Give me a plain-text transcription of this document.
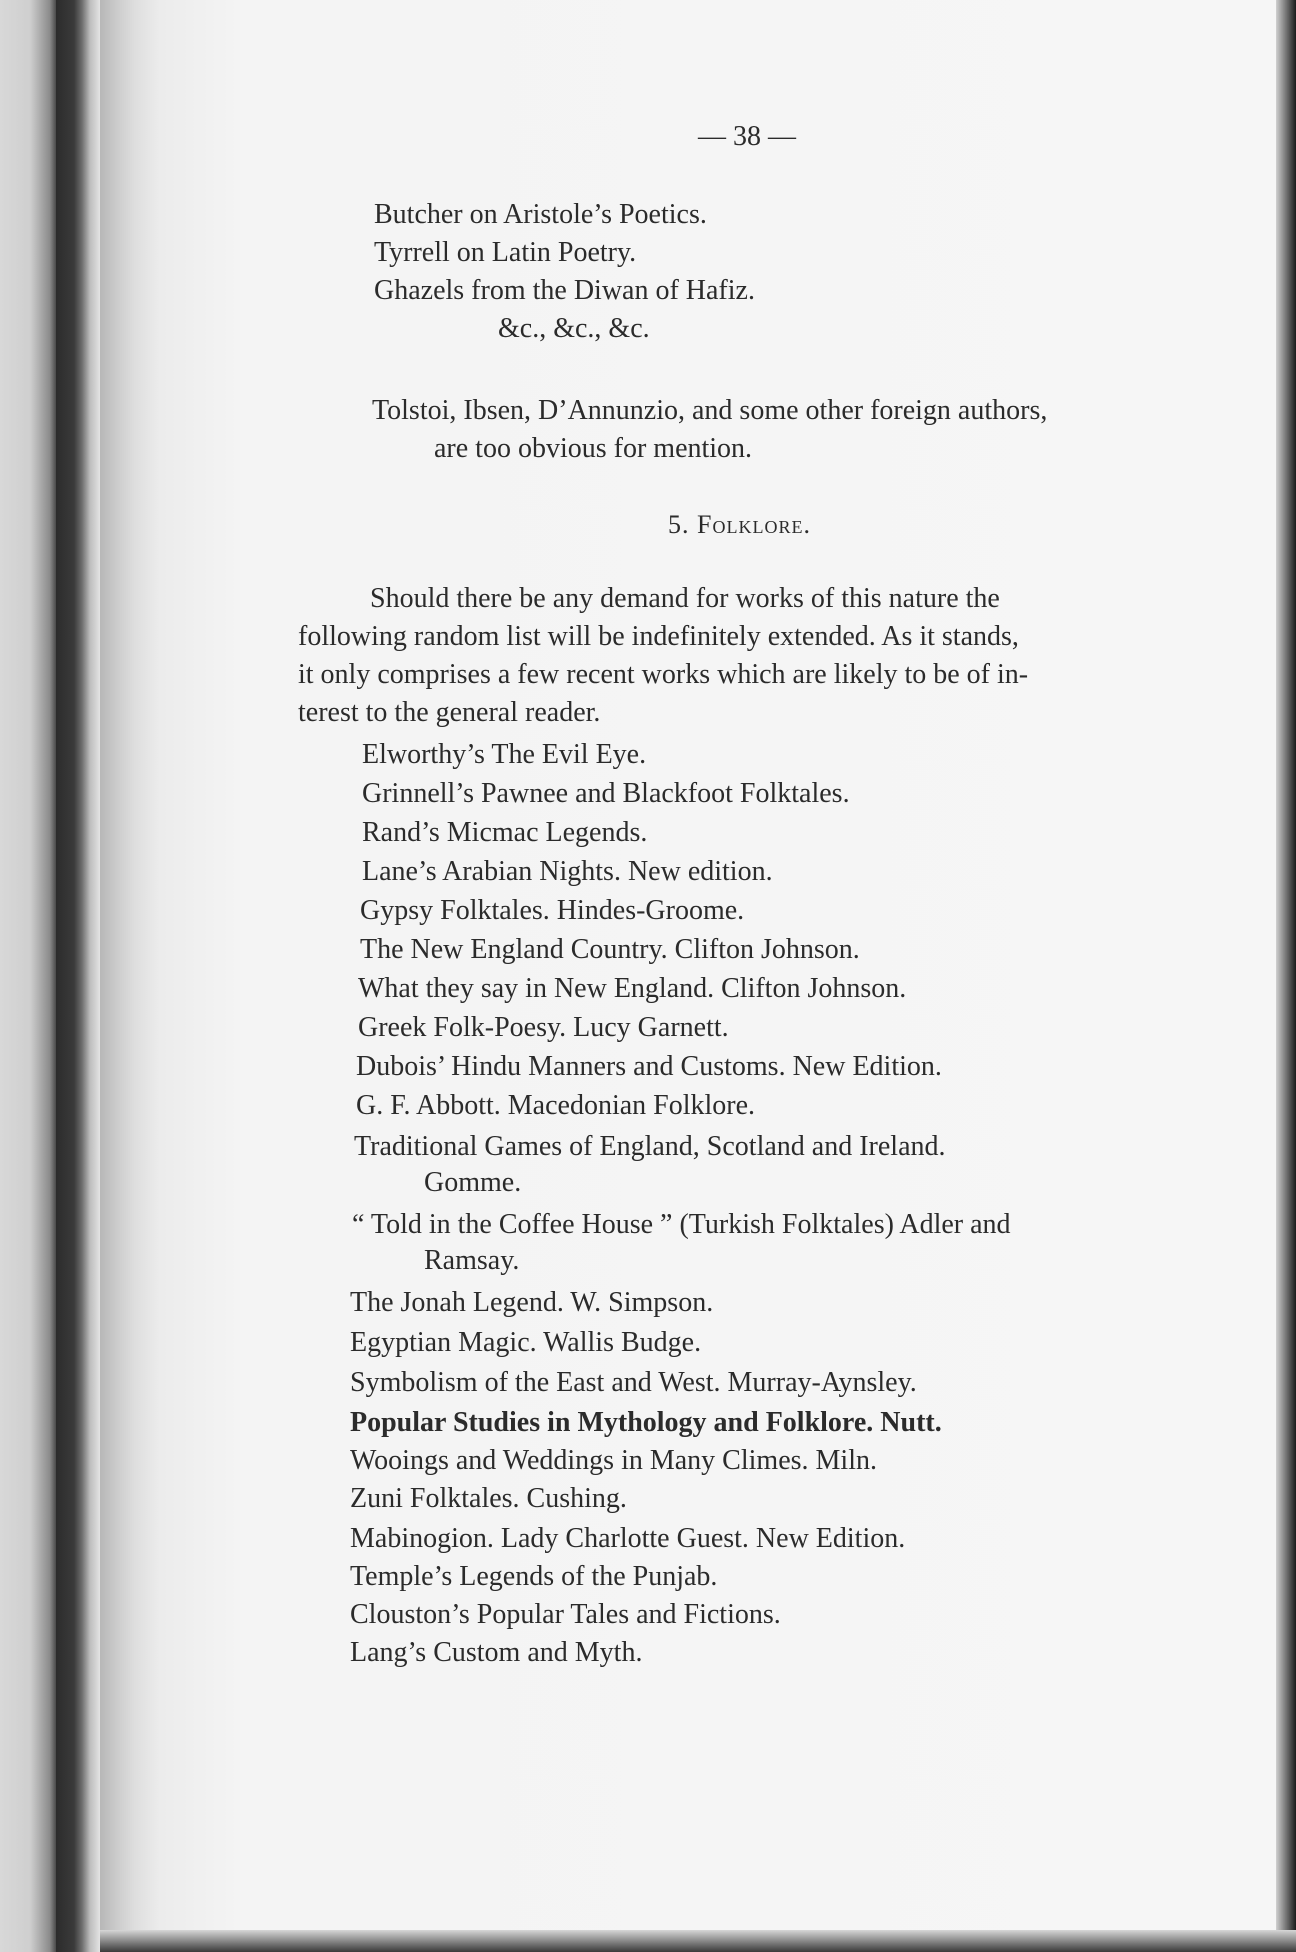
— 38 —
Butcher on Aristole’s Poetics.
Tyrrell on Latin Poetry.
Ghazels from the Diwan of Hafiz.
&c., &c., &c.
Tolstoi, Ibsen, D’Annunzio, and some other foreign authors,
are too obvious for mention.
5. Folklore.
Should there be any demand for works of this nature the
following random list will be indefinitely extended. As it stands,
it only comprises a few recent works which are likely to be of in-
terest to the general reader.
Elworthy’s The Evil Eye.
Grinnell’s Pawnee and Blackfoot Folktales.
Rand’s Micmac Legends.
Lane’s Arabian Nights. New edition.
Gypsy Folktales. Hindes-Groome.
The New England Country. Clifton Johnson.
What they say in New England. Clifton Johnson.
Greek Folk-Poesy. Lucy Garnett.
Dubois’ Hindu Manners and Customs. New Edition.
G. F. Abbott. Macedonian Folklore.
Traditional Games of England, Scotland and Ireland.
Gomme.
“ Told in the Coffee House ” (Turkish Folktales) Adler and
Ramsay.
The Jonah Legend. W. Simpson.
Egyptian Magic. Wallis Budge.
Symbolism of the East and West. Murray-Aynsley.
Popular Studies in Mythology and Folklore. Nutt.
Wooings and Weddings in Many Climes. Miln.
Zuni Folktales. Cushing.
Mabinogion. Lady Charlotte Guest. New Edition.
Temple’s Legends of the Punjab.
Clouston’s Popular Tales and Fictions.
Lang’s Custom and Myth.
